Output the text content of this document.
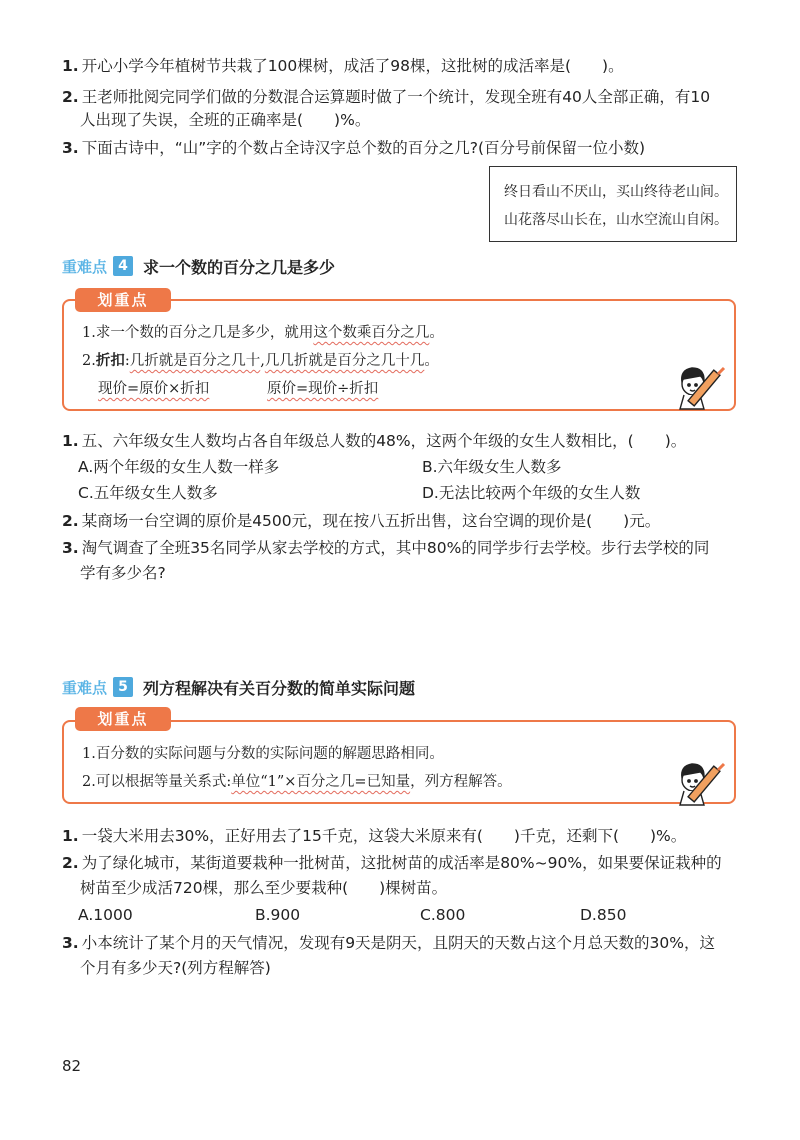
1. 开心小学今年植树节共栽了100棵树，成活了98棵，这批树的成活率是(　　)。
2. 王老师批阅完同学们做的分数混合运算题时做了一个统计，发现全班有40人全部正确，有10
人出现了失误，全班的正确率是(　　)%。
3. 下面古诗中，“山”字的个数占全诗汉字总个数的百分之几?(百分号前保留一位小数)
终日看山不厌山，买山终待老山间。
山花落尽山长在，山水空流山自闲。
重难点 4 求一个数的百分之几是多少
1.求一个数的百分之几是多少，就用这个数乘百分之几。
2.折扣:几折就是百分之几十,几几折就是百分之几十几。
现价=原价×折扣	原价=现价÷折扣
划重点
1. 五、六年级女生人数均占各自年级总人数的48%，这两个年级的女生人数相比，(　　)。
A.两个年级的女生人数一样多	B.六年级女生人数多
C.五年级女生人数多	D.无法比较两个年级的女生人数
2. 某商场一台空调的原价是4500元，现在按八五折出售，这台空调的现价是(　　)元。
3. 淘气调查了全班35名同学从家去学校的方式，其中80%的同学步行去学校。步行去学校的同
学有多少名?
重难点 5 列方程解决有关百分数的简单实际问题
1.百分数的实际问题与分数的实际问题的解题思路相同。
2.可以根据等量关系式:单位“1”×百分之几=已知量，列方程解答。
划重点
1. 一袋大米用去30%，正好用去了15千克，这袋大米原来有(　　)千克，还剩下(　　)%。
2. 为了绿化城市，某街道要栽种一批树苗，这批树苗的成活率是80%~90%，如果要保证栽种的
树苗至少成活720棵，那么至少要栽种(　　)棵树苗。
A.1000	B.900	C.800	D.850
3. 小本统计了某个月的天气情况，发现有9天是阴天，且阴天的天数占这个月总天数的30%，这
个月有多少天?(列方程解答)
82
